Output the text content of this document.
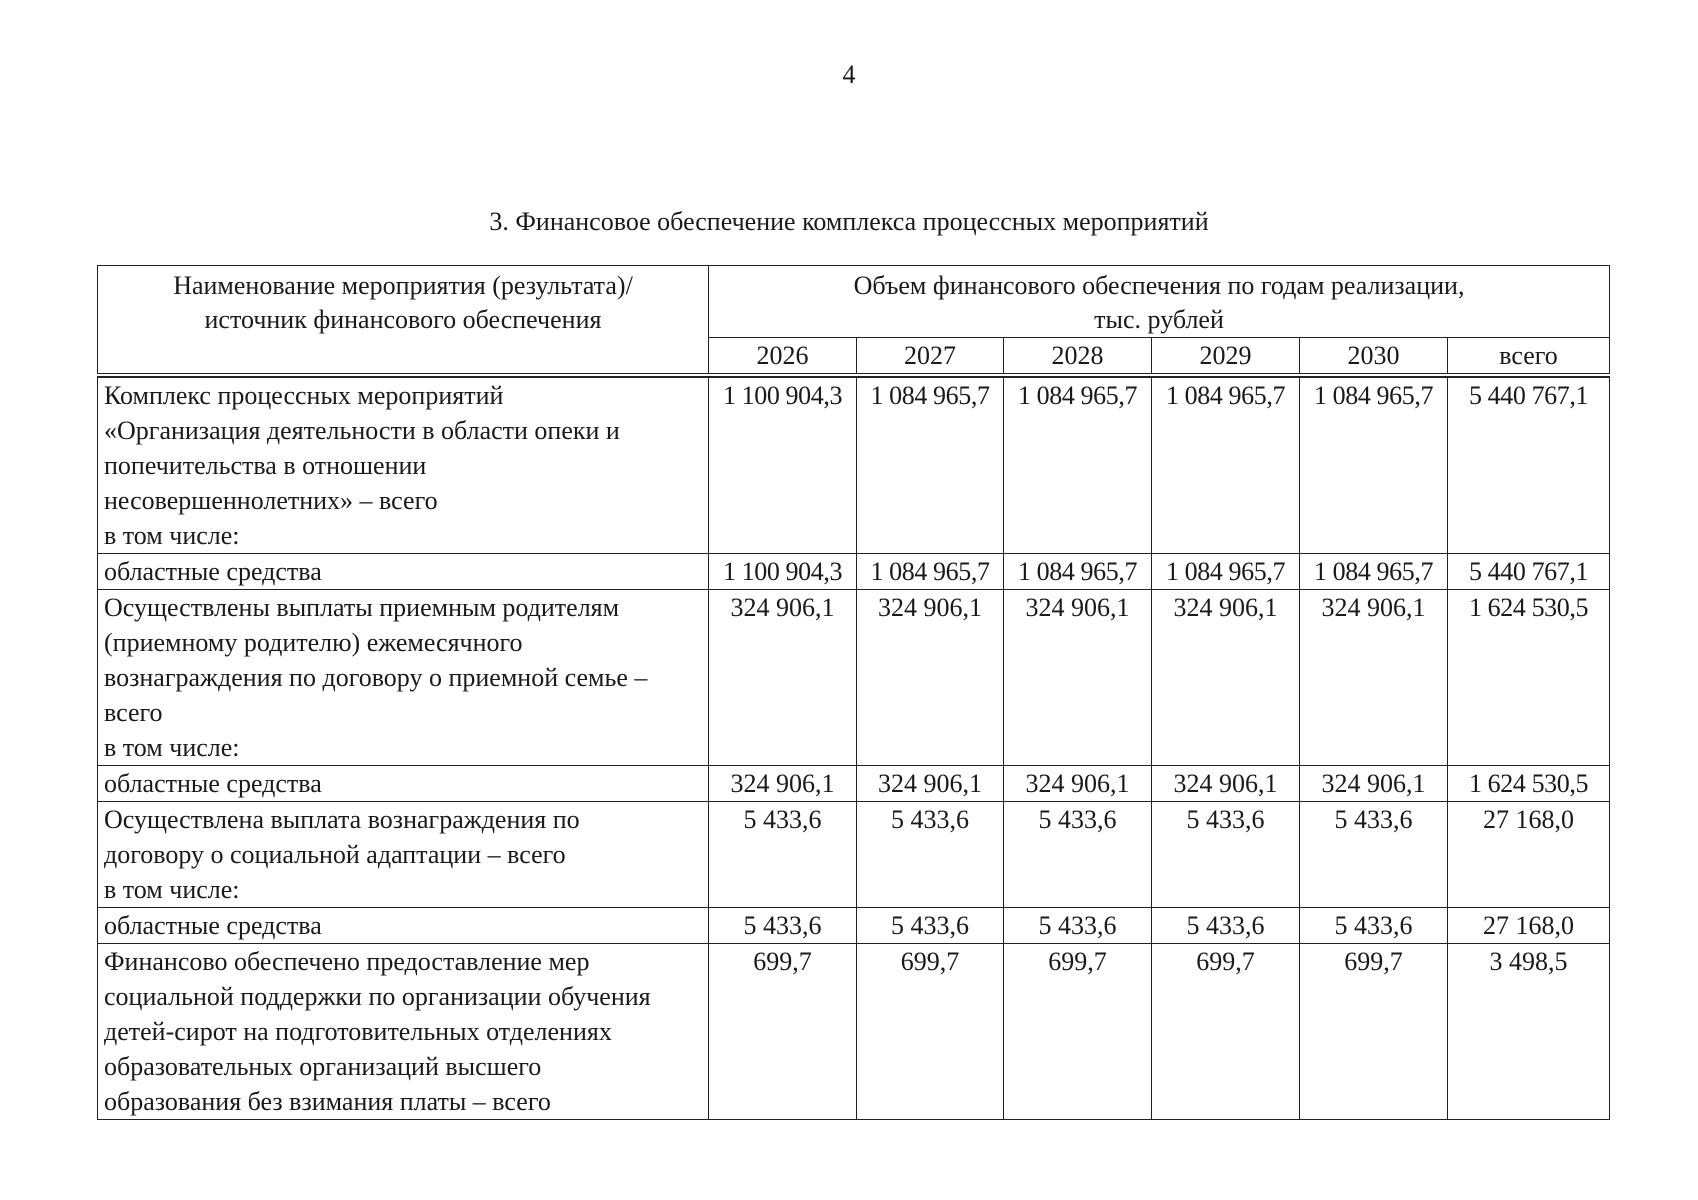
4
3. Финансовое обеспечение комплекса процессных мероприятий
Наименование мероприятия (результата)/
источник финансового обеспечения	Объем финансового обеспечения по годам реализации,
тыс. рублей					

	2026	2027	2028	2029	2030	всего

Комплекс процессных мероприятий
«Организация деятельности в области опеки и
попечительства в отношении
несовершеннолетних» – всего
в том числе:	1 100 904,3	1 084 965,7	1 084 965,7	1 084 965,7	1 084 965,7	5 440 767,1

областные средства	1 100 904,3	1 084 965,7	1 084 965,7	1 084 965,7	1 084 965,7	5 440 767,1

Осуществлены выплаты приемным родителям
(приемному родителю) ежемесячного
вознаграждения по договору о приемной семье –
всего
в том числе:	324 906,1	324 906,1	324 906,1	324 906,1	324 906,1	1 624 530,5

областные средства	324 906,1	324 906,1	324 906,1	324 906,1	324 906,1	1 624 530,5

Осуществлена выплата вознаграждения по
договору о социальной адаптации – всего
в том числе:	5 433,6	5 433,6	5 433,6	5 433,6	5 433,6	27 168,0

областные средства	5 433,6	5 433,6	5 433,6	5 433,6	5 433,6	27 168,0

Финансово обеспечено предоставление мер
социальной поддержки по организации обучения
детей-сирот на подготовительных отделениях
образовательных организаций высшего
образования без взимания платы – всего	699,7	699,7	699,7	699,7	699,7	3 498,5
